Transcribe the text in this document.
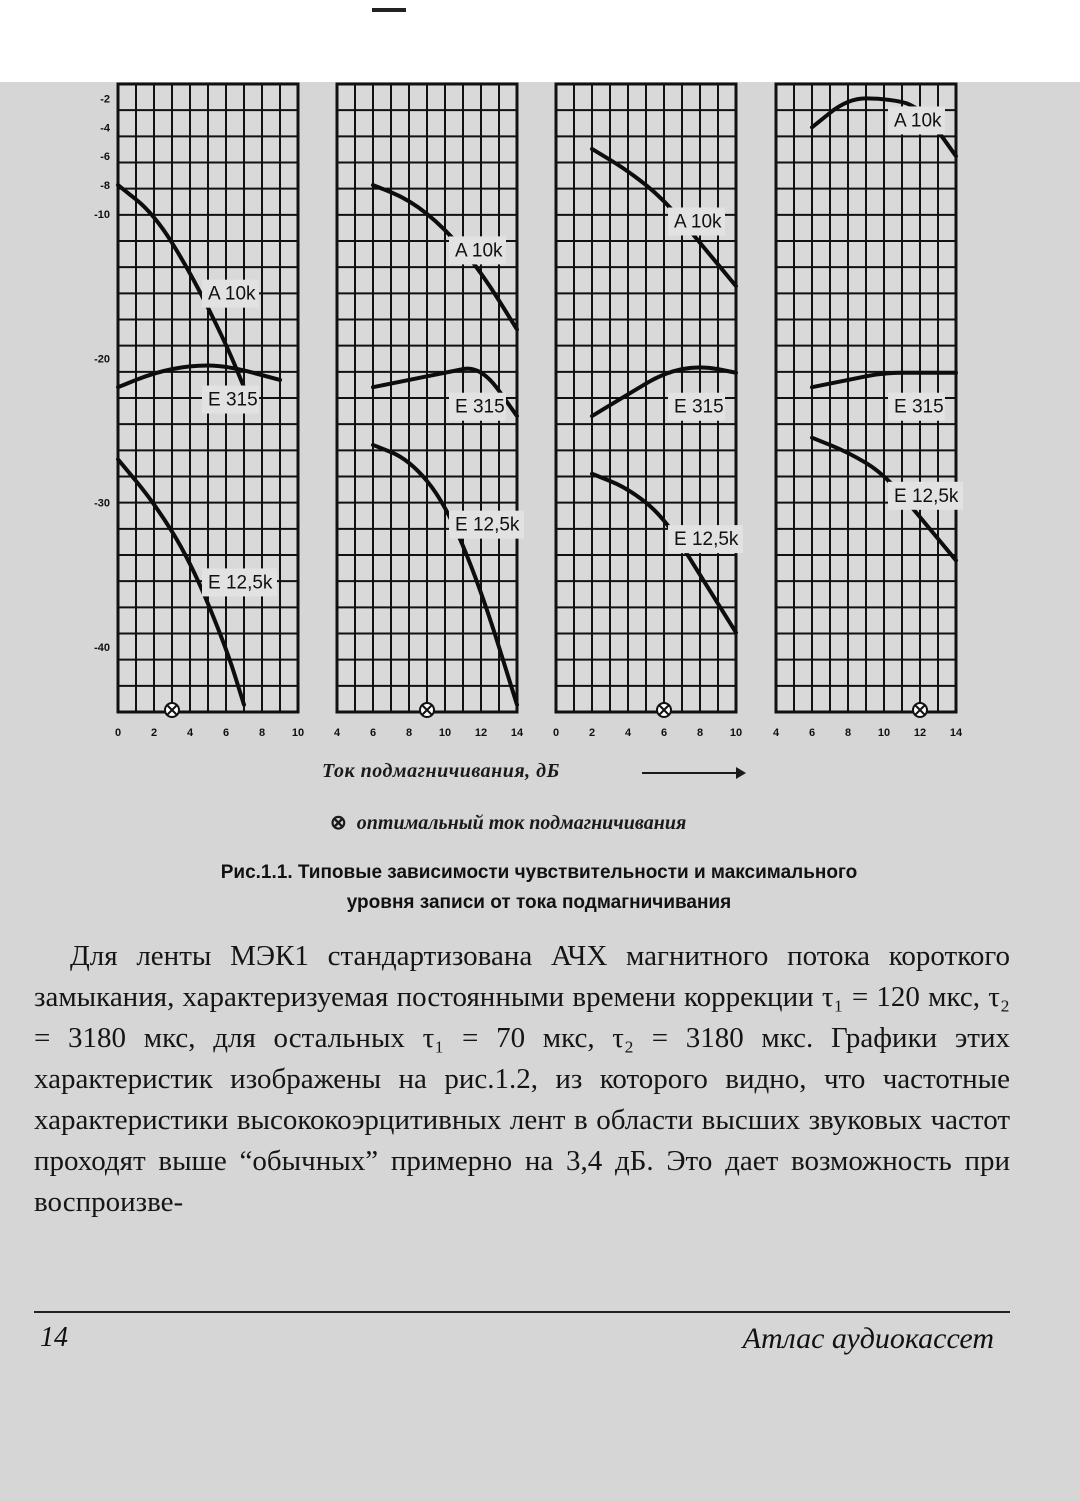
0	2	4	6	8 10
A 10k
E 315
E 12,5k
4	6	8 10 12 14
A 10k
E 315
E 12,5k
0	2	4	6	8 10
A 10k
E 315
E 12,5k
4	6	8 10 12 14
A 10k
E 315
E 12,5k
-2
-4
-6
-8
-10
-20
-30
-40
Ток подмагничивания, дБ
⊗ оптимальный ток подмагничивания
Рис.1.1. Типовые зависимости чувствительности и максимального
уровня записи от тока подмагничивания

Для ленты МЭК1 стандартизована АЧХ магнитного потока короткого замыкания, характеризуемая постоянными времени коррекции τ₁ = 120 мкс, τ₂ = 3180 мкс, для остальных τ₁ = 70 мкс, τ₂ = 3180 мкс. Графики этих характеристик изображены на рис.1.2, из которого видно, что частотные характеристики высококоэрцитивных лент в области высших звуковых частот проходят выше “обычных” примерно на 3,4 дБ. Это дает возможность при воспроизве-

14	Атлас аудиокассет
